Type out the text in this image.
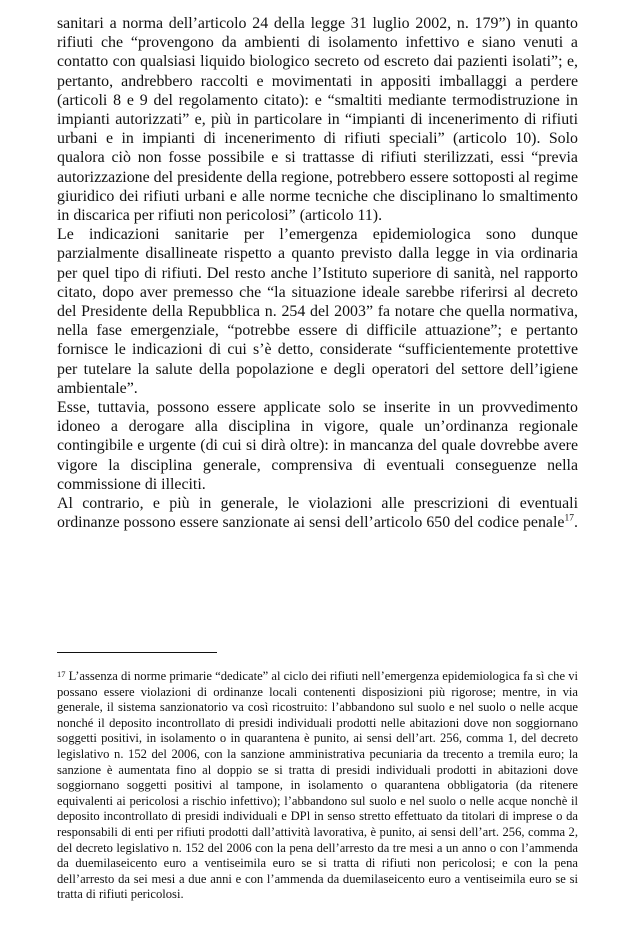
sanitari a norma dell’articolo 24 della legge 31 luglio 2002, n. 179”) in quanto rifiuti che “provengono da ambienti di isolamento infettivo e siano venuti a contatto con qualsiasi liquido biologico secreto od escreto dai pazienti isolati”; e, pertanto, andrebbero raccolti e movimentati in appositi imballaggi a perdere (articoli 8 e 9 del regolamento citato): e “smaltiti mediante termodistruzione in impianti autorizzati” e, più in particolare in “impianti di incenerimento di rifiuti urbani e in impianti di incenerimento di rifiuti speciali” (articolo 10). Solo qualora ciò non fosse possibile e si trattasse di rifiuti sterilizzati, essi “previa autorizzazione del presidente della regione, potrebbero essere sottoposti al regime giuridico dei rifiuti urbani e alle norme tecniche che disciplinano lo smaltimento in discarica per rifiuti non pericolosi” (articolo 11).

Le indicazioni sanitarie per l’emergenza epidemiologica sono dunque parzialmente disallineate rispetto a quanto previsto dalla legge in via ordinaria per quel tipo di rifiuti. Del resto anche l’Istituto superiore di sanità, nel rapporto citato, dopo aver premesso che “la situazione ideale sarebbe riferirsi al decreto del Presidente della Repubblica n. 254 del 2003” fa notare che quella normativa, nella fase emergenziale, “potrebbe essere di difficile attuazione”; e pertanto fornisce le indicazioni di cui s’è detto, considerate “sufficientemente protettive per tutelare la salute della popolazione e degli operatori del settore dell’igiene ambientale”.

Esse, tuttavia, possono essere applicate solo se inserite in un provvedimento idoneo a derogare alla disciplina in vigore, quale un’ordinanza regionale contingibile e urgente (di cui si dirà oltre): in mancanza del quale dovrebbe avere vigore la disciplina generale, comprensiva di eventuali conseguenze nella commissione di illeciti.

Al contrario, e più in generale, le violazioni alle prescrizioni di eventuali ordinanze possono essere sanzionate ai sensi dell’articolo 650 del codice penale$^{17}$.

$^{17}$ L’assenza di norme primarie “dedicate” al ciclo dei rifiuti nell’emergenza epidemiologica fa sì che vi possano essere violazioni di ordinanze locali contenenti disposizioni più rigorose; mentre, in via generale, il sistema sanzionatorio va così ricostruito: l’abbandono sul suolo e nel suolo o nelle acque nonché il deposito incontrollato di presidi individuali prodotti nelle abitazioni dove non soggiornano soggetti positivi, in isolamento o in quarantena è punito, ai sensi dell’art. 256, comma 1, del decreto legislativo n. 152 del 2006, con la sanzione amministrativa pecuniaria da trecento a tremila euro; la sanzione è aumentata fino al doppio se si tratta di presidi individuali prodotti in abitazioni dove soggiornano soggetti positivi al tampone, in isolamento o quarantena obbligatoria (da ritenere equivalenti ai pericolosi a rischio infettivo); l’abbandono sul suolo e nel suolo o nelle acque nonchè il deposito incontrollato di presidi individuali e DPl in senso stretto effettuato da titolari di imprese o da responsabili di enti per rifiuti prodotti dall’attività lavorativa, è punito, ai sensi dell’art. 256, comma 2, del decreto legislativo n. 152 del 2006 con la pena dell’arresto da tre mesi a un anno o con l’ammenda da duemilaseicento euro a ventiseimila euro se si tratta di rifiuti non pericolosi; e con la pena dell’arresto da sei mesi a due anni e con l’ammenda da duemilaseicento euro a ventiseimila euro se si tratta di rifiuti pericolosi.
